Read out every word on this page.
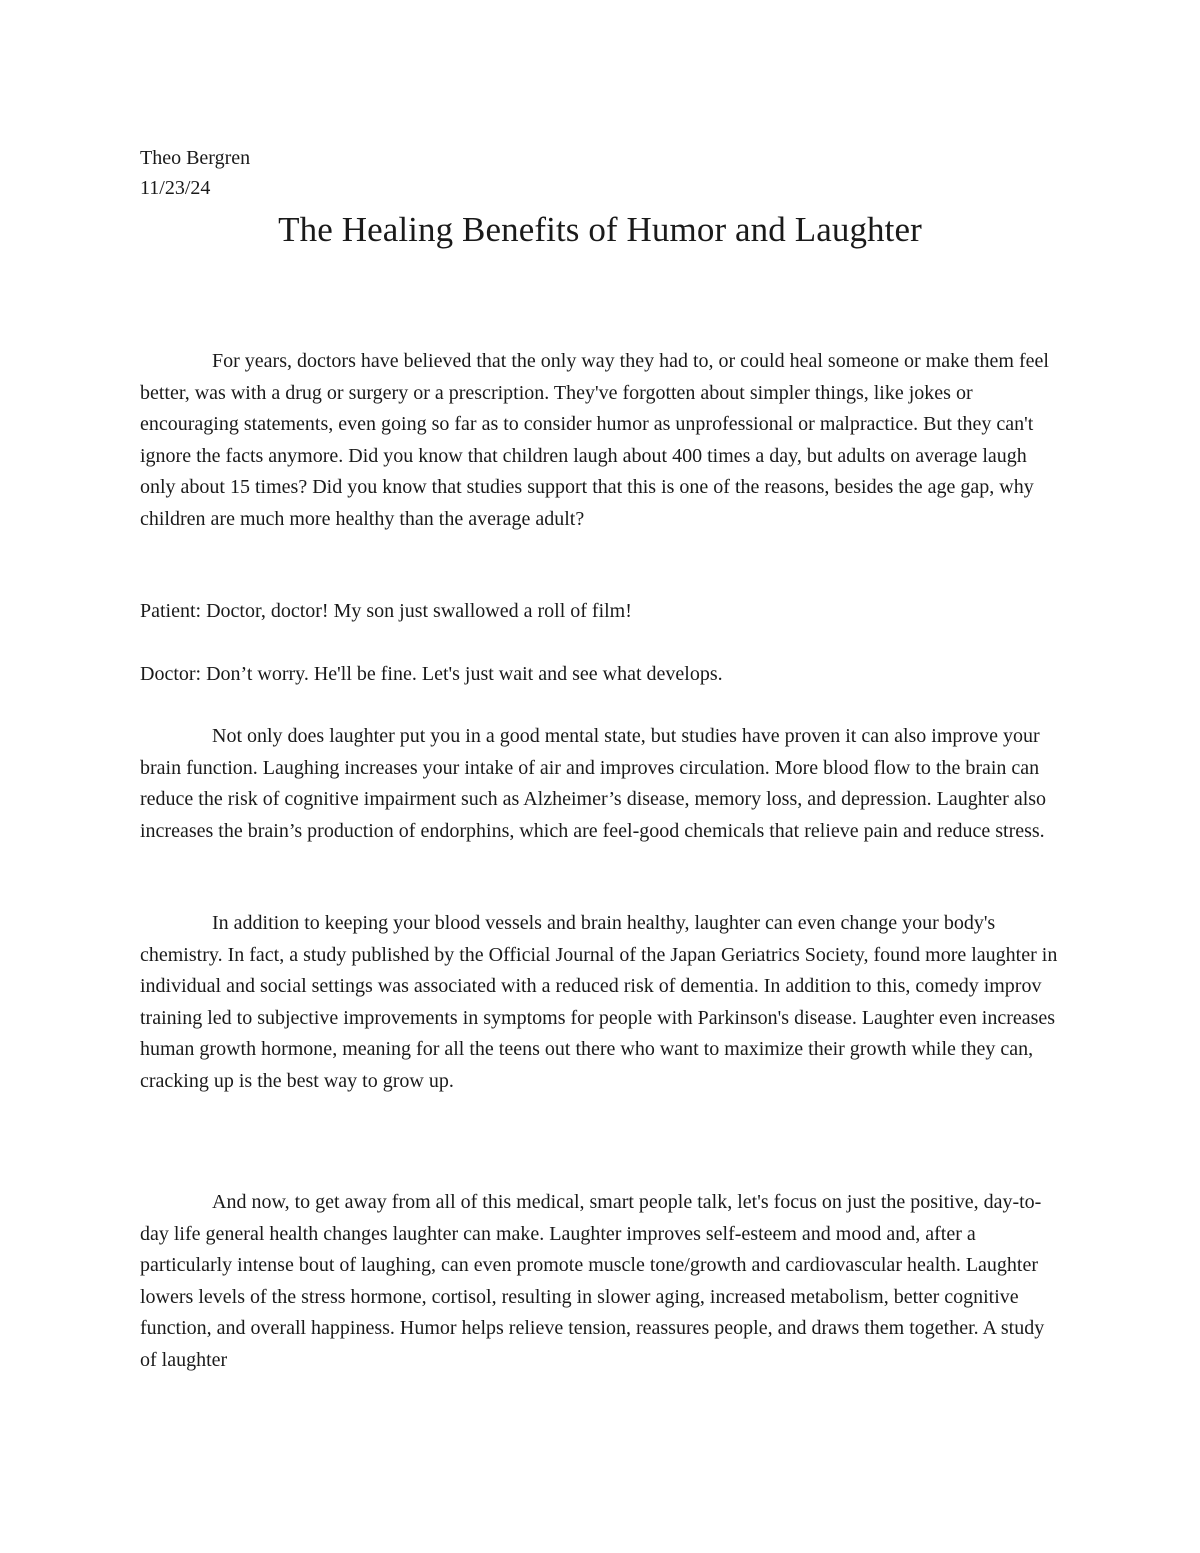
Theo Bergren

11/23/24

The Healing Benefits of Humor and Laughter

For years, doctors have believed that the only way they had to, or could heal someone or make them feel better, was with a drug or surgery or a prescription. They've forgotten about simpler things, like jokes or encouraging statements, even going so far as to consider humor as unprofessional or malpractice. But they can't ignore the facts anymore. Did you know that children laugh about 400 times a day, but adults on average laugh only about 15 times? Did you know that studies support that this is one of the reasons, besides the age gap, why children are much more healthy than the average adult?

Patient: Doctor, doctor! My son just swallowed a roll of film!

Doctor: Don’t worry. He'll be fine. Let's just wait and see what develops.

Not only does laughter put you in a good mental state, but studies have proven it can also improve your brain function. Laughing increases your intake of air and improves circulation. More blood flow to the brain can reduce the risk of cognitive impairment such as Alzheimer’s disease, memory loss, and depression. Laughter also increases the brain’s production of endorphins, which are feel-good chemicals that relieve pain and reduce stress.

In addition to keeping your blood vessels and brain healthy, laughter can even change your body's chemistry. In fact, a study published by the Official Journal of the Japan Geriatrics Society, found more laughter in individual and social settings was associated with a reduced risk of dementia. In addition to this, comedy improv training led to subjective improvements in symptoms for people with Parkinson's disease. Laughter even increases human growth hormone, meaning for all the teens out there who want to maximize their growth while they can, cracking up is the best way to grow up.

And now, to get away from all of this medical, smart people talk, let's focus on just the positive, day-to-day life general health changes laughter can make. Laughter improves self-esteem and mood and, after a particularly intense bout of laughing, can even promote muscle tone/growth and cardiovascular health. Laughter lowers levels of the stress hormone, cortisol, resulting in slower aging, increased metabolism, better cognitive function, and overall happiness. Humor helps relieve tension, reassures people, and draws them together. A study of laughter
